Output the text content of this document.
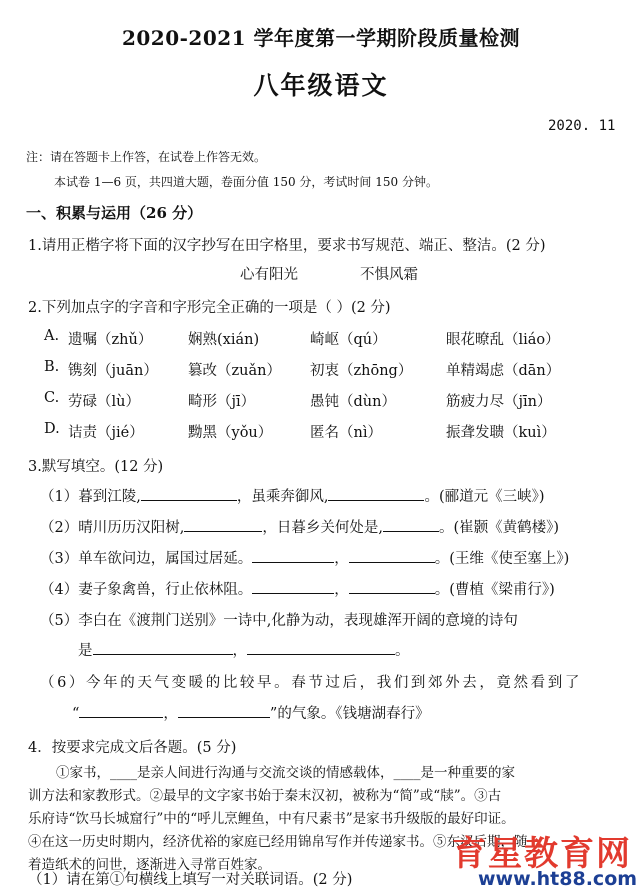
2020-2021 学年度第一学期阶段质量检测
八年级语文
2020. 11
注：请在答题卡上作答，在试卷上作答无效。
本试卷 1—6 页，共四道大题，卷面分值 150 分，考试时间 150 分钟。
一、积累与运用（26 分）
1.请用正楷字将下面的汉字抄写在田字格里，要求书写规范、端正、整洁。(2 分)
心有阳光	不惧风霜
2.下列加点字的字音和字形完全正确的一项是（ ）(2 分)
A. 遗嘱（zhǔ） 娴熟(xián)	崎岖（qú）	眼花暸乱（liáo）
B. 镌刻（juān） 篡改（zuǎn） 初衷（zhōng） 单精竭虑（dān）
C. 劳碌（lù）	畸形（jī）	愚钝（dùn）	筋疲力尽（jīn）
D. 诘责（jié）	黝黑（yǒu）	匿名（nì）	振聋发聩（kuì）
3.默写填空。(12 分)
（1）暮到江陵,	，虽乘奔御风,	。(郦道元《三峡》)
（2）晴川历历汉阳树,	，日暮乡关何处是,	。(崔颢《黄鹤楼》)
（3）单车欲问边，属国过居延。	，	。(王维《使至塞上》)
（4）妻子象禽兽，行止依林阻。	，	。(曹植《梁甫行》)
（5）李白在《渡荆门送别》一诗中,化静为动，表现雄浑开阔的意境的诗句
是	，	。
（6）今年的天气变暖的比较早。春节过后，我们到郊外去，竟然看到了
“	，	”的气象。《钱塘湖春行》
4．按要求完成文后各题。(5 分)
①家书，____是亲人间进行沟通与交流交谈的情感载体，____是一种重要的家
训方法和家教形式。②最早的文字家书始于秦末汉初，被称为“简”或“牍”。③古
乐府诗“饮马长城窟行”中的“呼儿烹鲤鱼，中有尺素书”是家书升级版的最好印证。
④在这一历史时期内，经济优裕的家庭已经用锦帛写作并传递家书。⑤东汉后期，随
着造纸术的问世，逐渐进入寻常百姓家。
（1）请在第①句横线上填写一对关联词语。(2 分)
育星教育网
www.ht88.com
